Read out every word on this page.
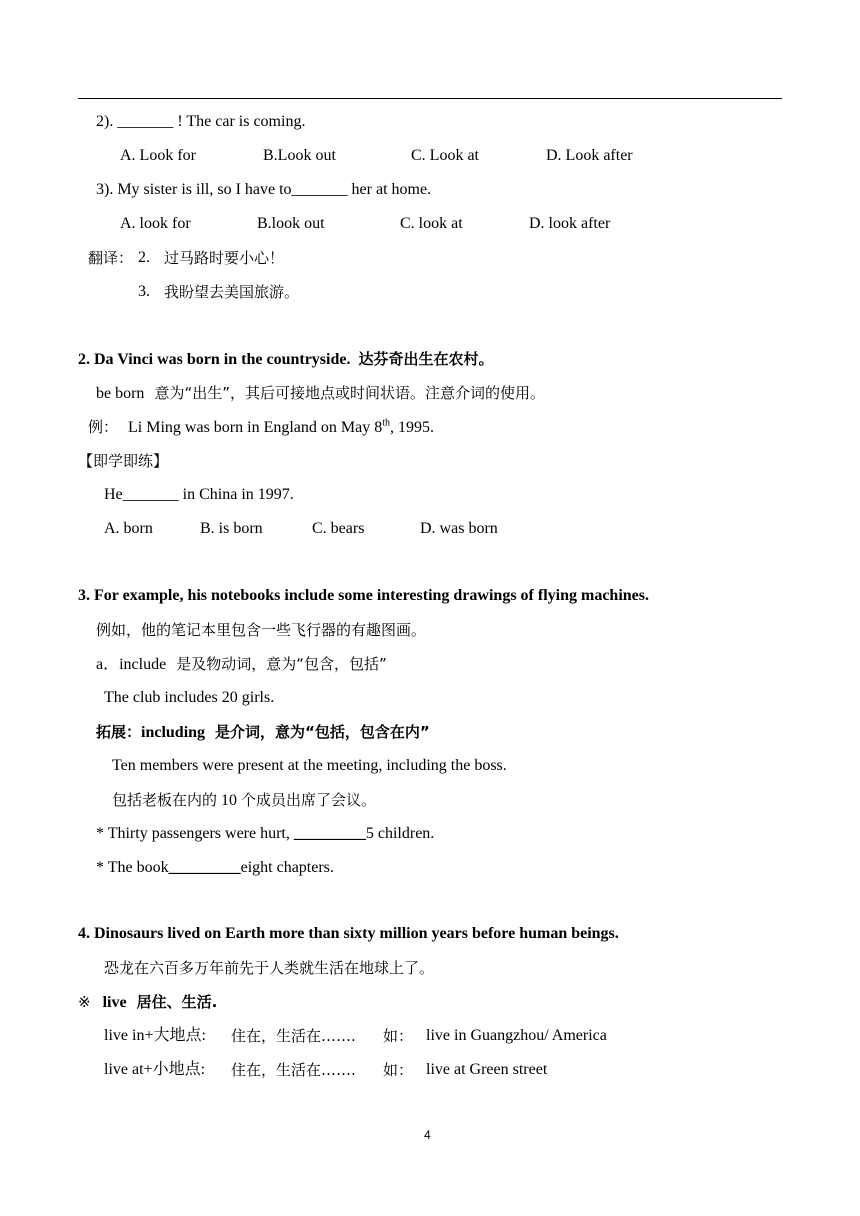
2). _______ ! The car is coming.
A. Look for	B.Look out	C. Look at	D. Look after
3). My sister is ill, so I have to_______ her at home.
A. look for	B.look out	C. look at	D. look after
翻译： 2. 过马路时要小心！
3. 我盼望去美国旅游。
2. Da Vinci was born in the countryside. 达芬奇出生在农村。
be born 意为“出生”，其后可接地点或时间状语。注意介词的使用。
例： Li Ming was born in England on May 8th, 1995.
【即学即练】
He_______ in China in 1997.
A. born	B. is born	C. bears	D. was born
3. For example, his notebooks include some interesting drawings of flying machines.
例如，他的笔记本里包含一些飞行器的有趣图画。
a．include 是及物动词，意为“包含，包括”
The club includes 20 girls.
拓展：including 是介词，意为“包括，包含在内”
Ten members were present at the meeting, including the boss.
包括老板在内的 10 个成员出席了会议。
* Thirty passengers were hurt, _________5 children.
* The book_________eight chapters.
4. Dinosaurs lived on Earth more than sixty million years before human beings.
恐龙在六百多万年前先于人类就生活在地球上了。
※ live 居住、生活.
live in+大地点: 住在，生活在……. 如： live in Guangzhou/ America
live at+小地点: 住在，生活在……. 如： live at Green street
4
